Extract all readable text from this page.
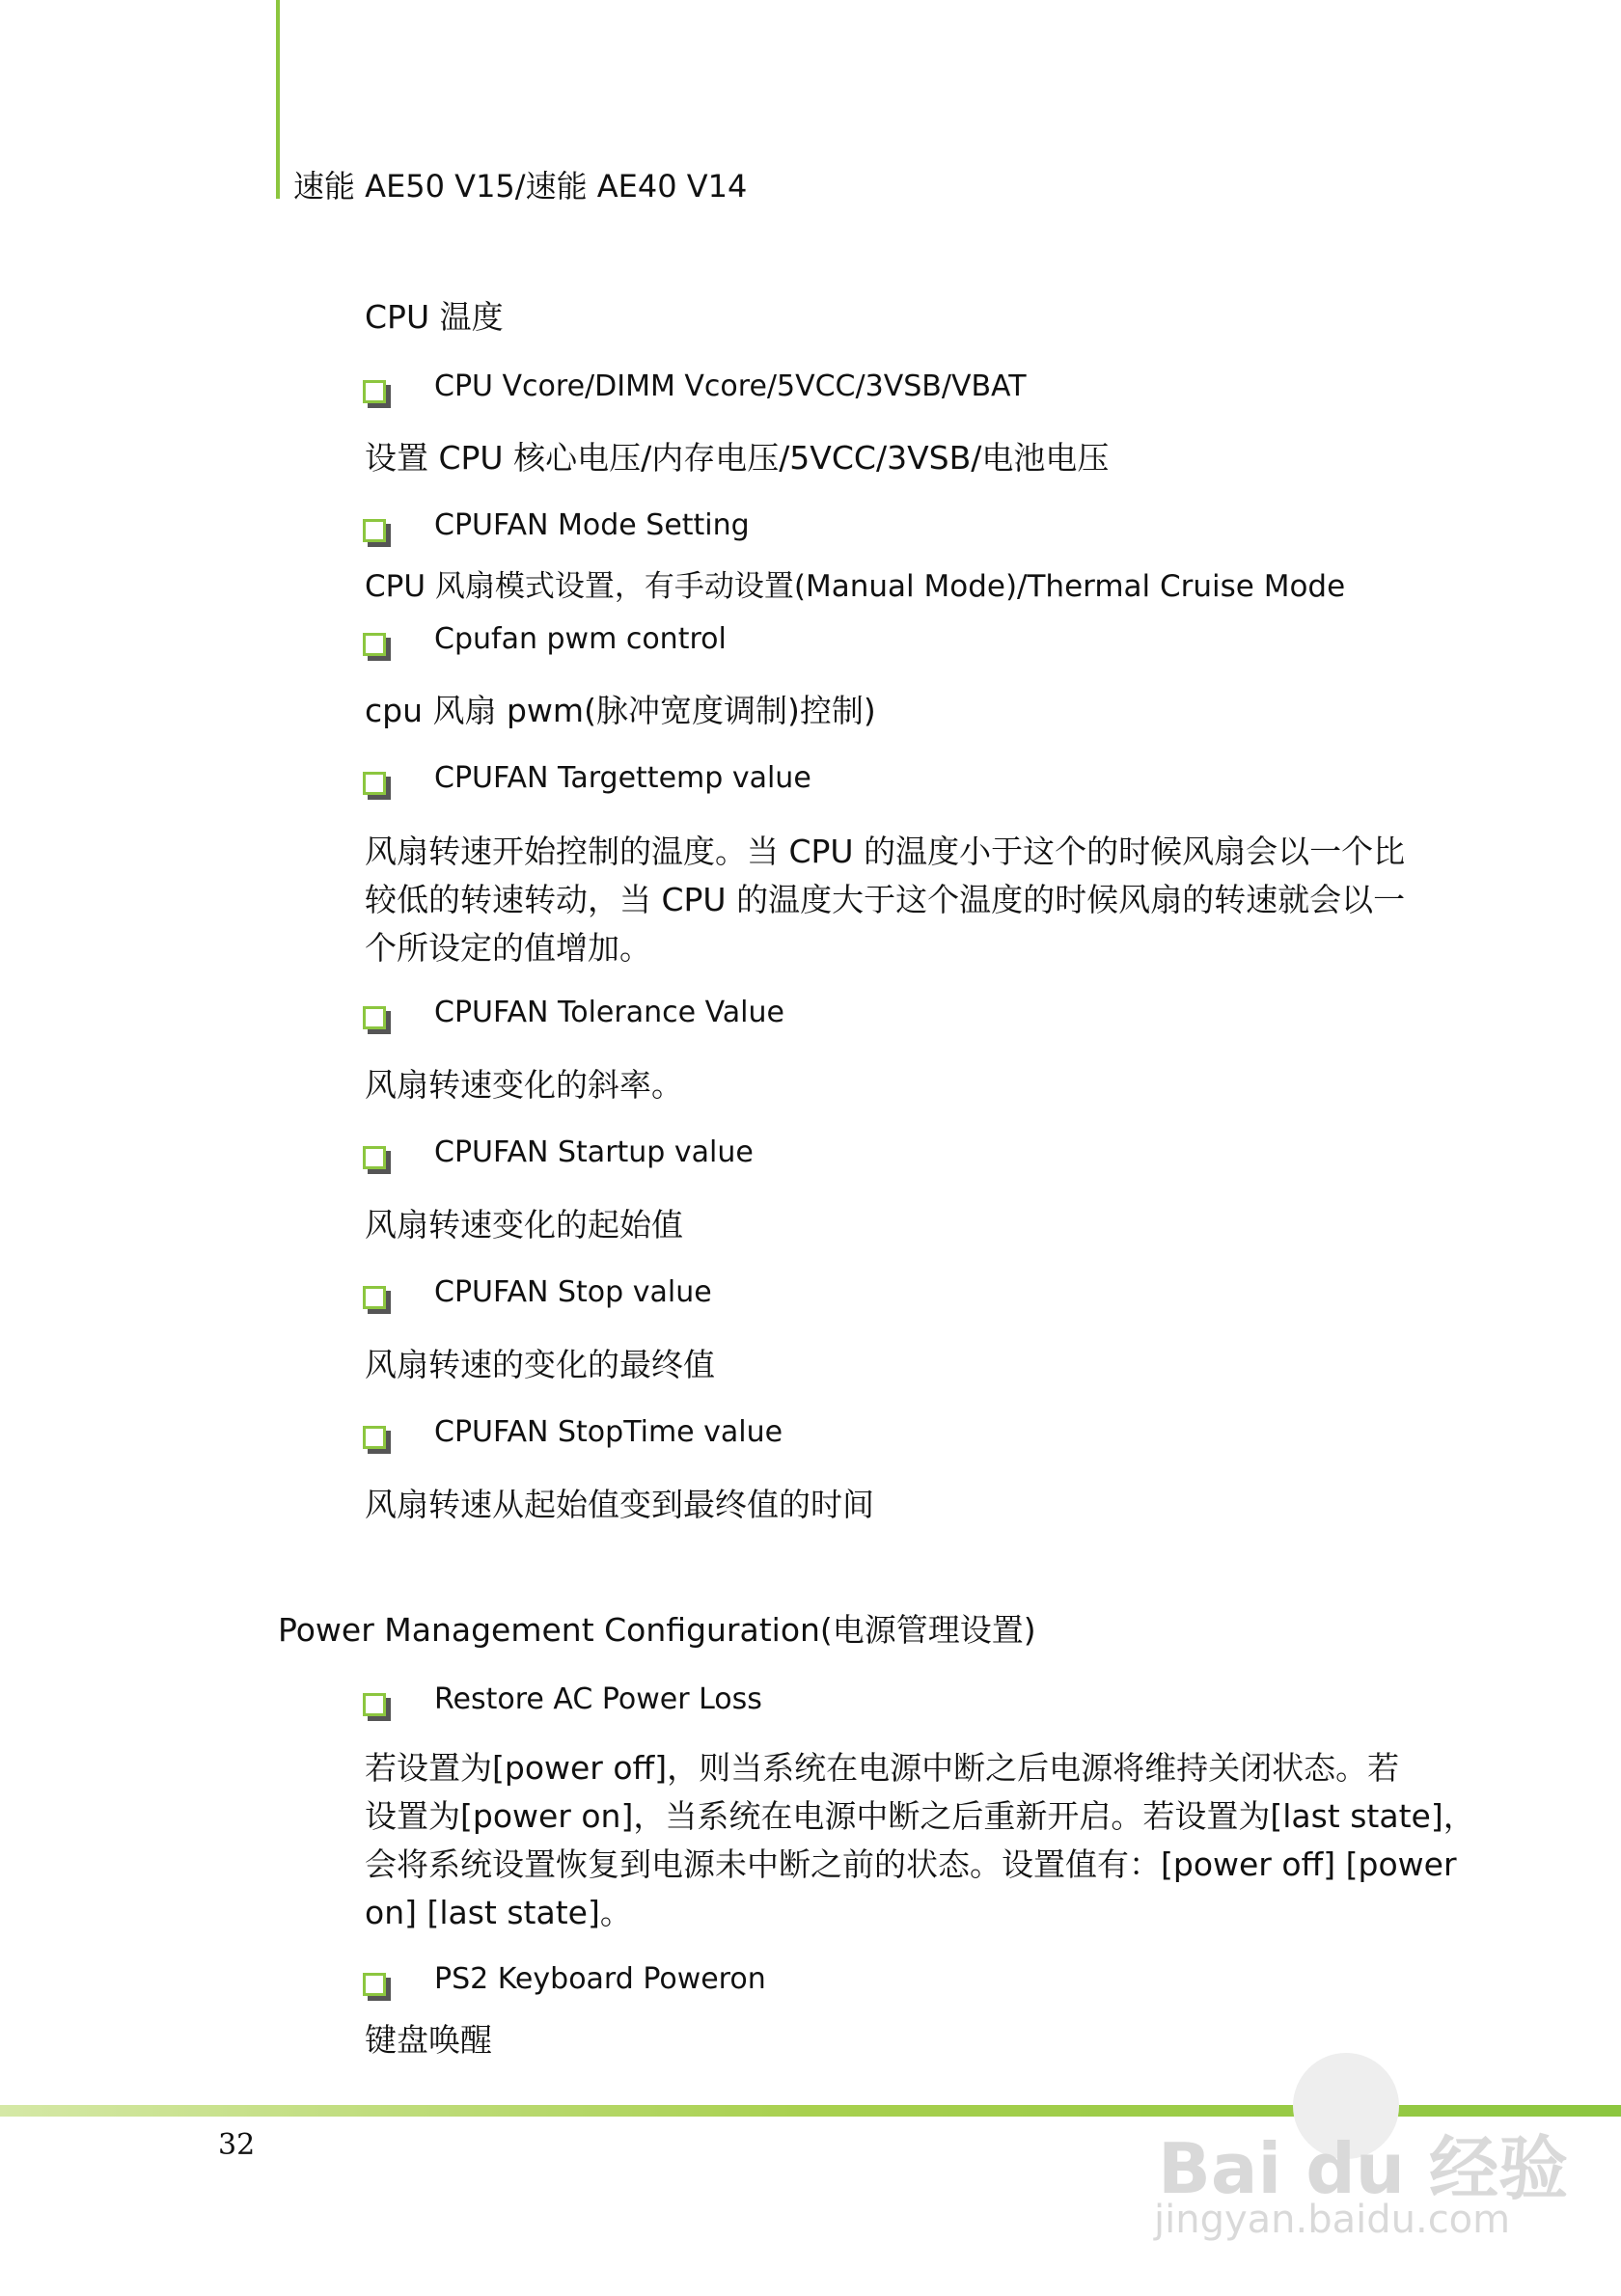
速能 AE50 V15/速能 AE40 V14
CPU 温度
CPU Vcore/DIMM Vcore/5VCC/3VSB/VBAT
设置 CPU 核心电压/内存电压/5VCC/3VSB/电池电压
CPUFAN Mode Setting
CPU 风扇模式设置，有手动设置(Manual Mode)/Thermal Cruise Mode
Cpufan pwm control
cpu 风扇 pwm(脉冲宽度调制)控制)
CPUFAN Targettemp value
风扇转速开始控制的温度。当 CPU 的温度小于这个的时候风扇会以一个比
较低的转速转动，当 CPU 的温度大于这个温度的时候风扇的转速就会以一
个所设定的值增加。
CPUFAN Tolerance Value
风扇转速变化的斜率。
CPUFAN Startup value
风扇转速变化的起始值
CPUFAN Stop value
风扇转速的变化的最终值
CPUFAN StopTime value
风扇转速从起始值变到最终值的时间
Power Management Configuration(电源管理设置)
Restore AC Power Loss
若设置为[power off]，则当系统在电源中断之后电源将维持关闭状态。若
设置为[power on]，当系统在电源中断之后重新开启。若设置为[last state]，
会将系统设置恢复到电源未中断之前的状态。设置值有：[power off] [power
on] [last state]。
PS2 Keyboard Poweron
键盘唤醒
32	Bai du 经验
jingyan.baidu.com
